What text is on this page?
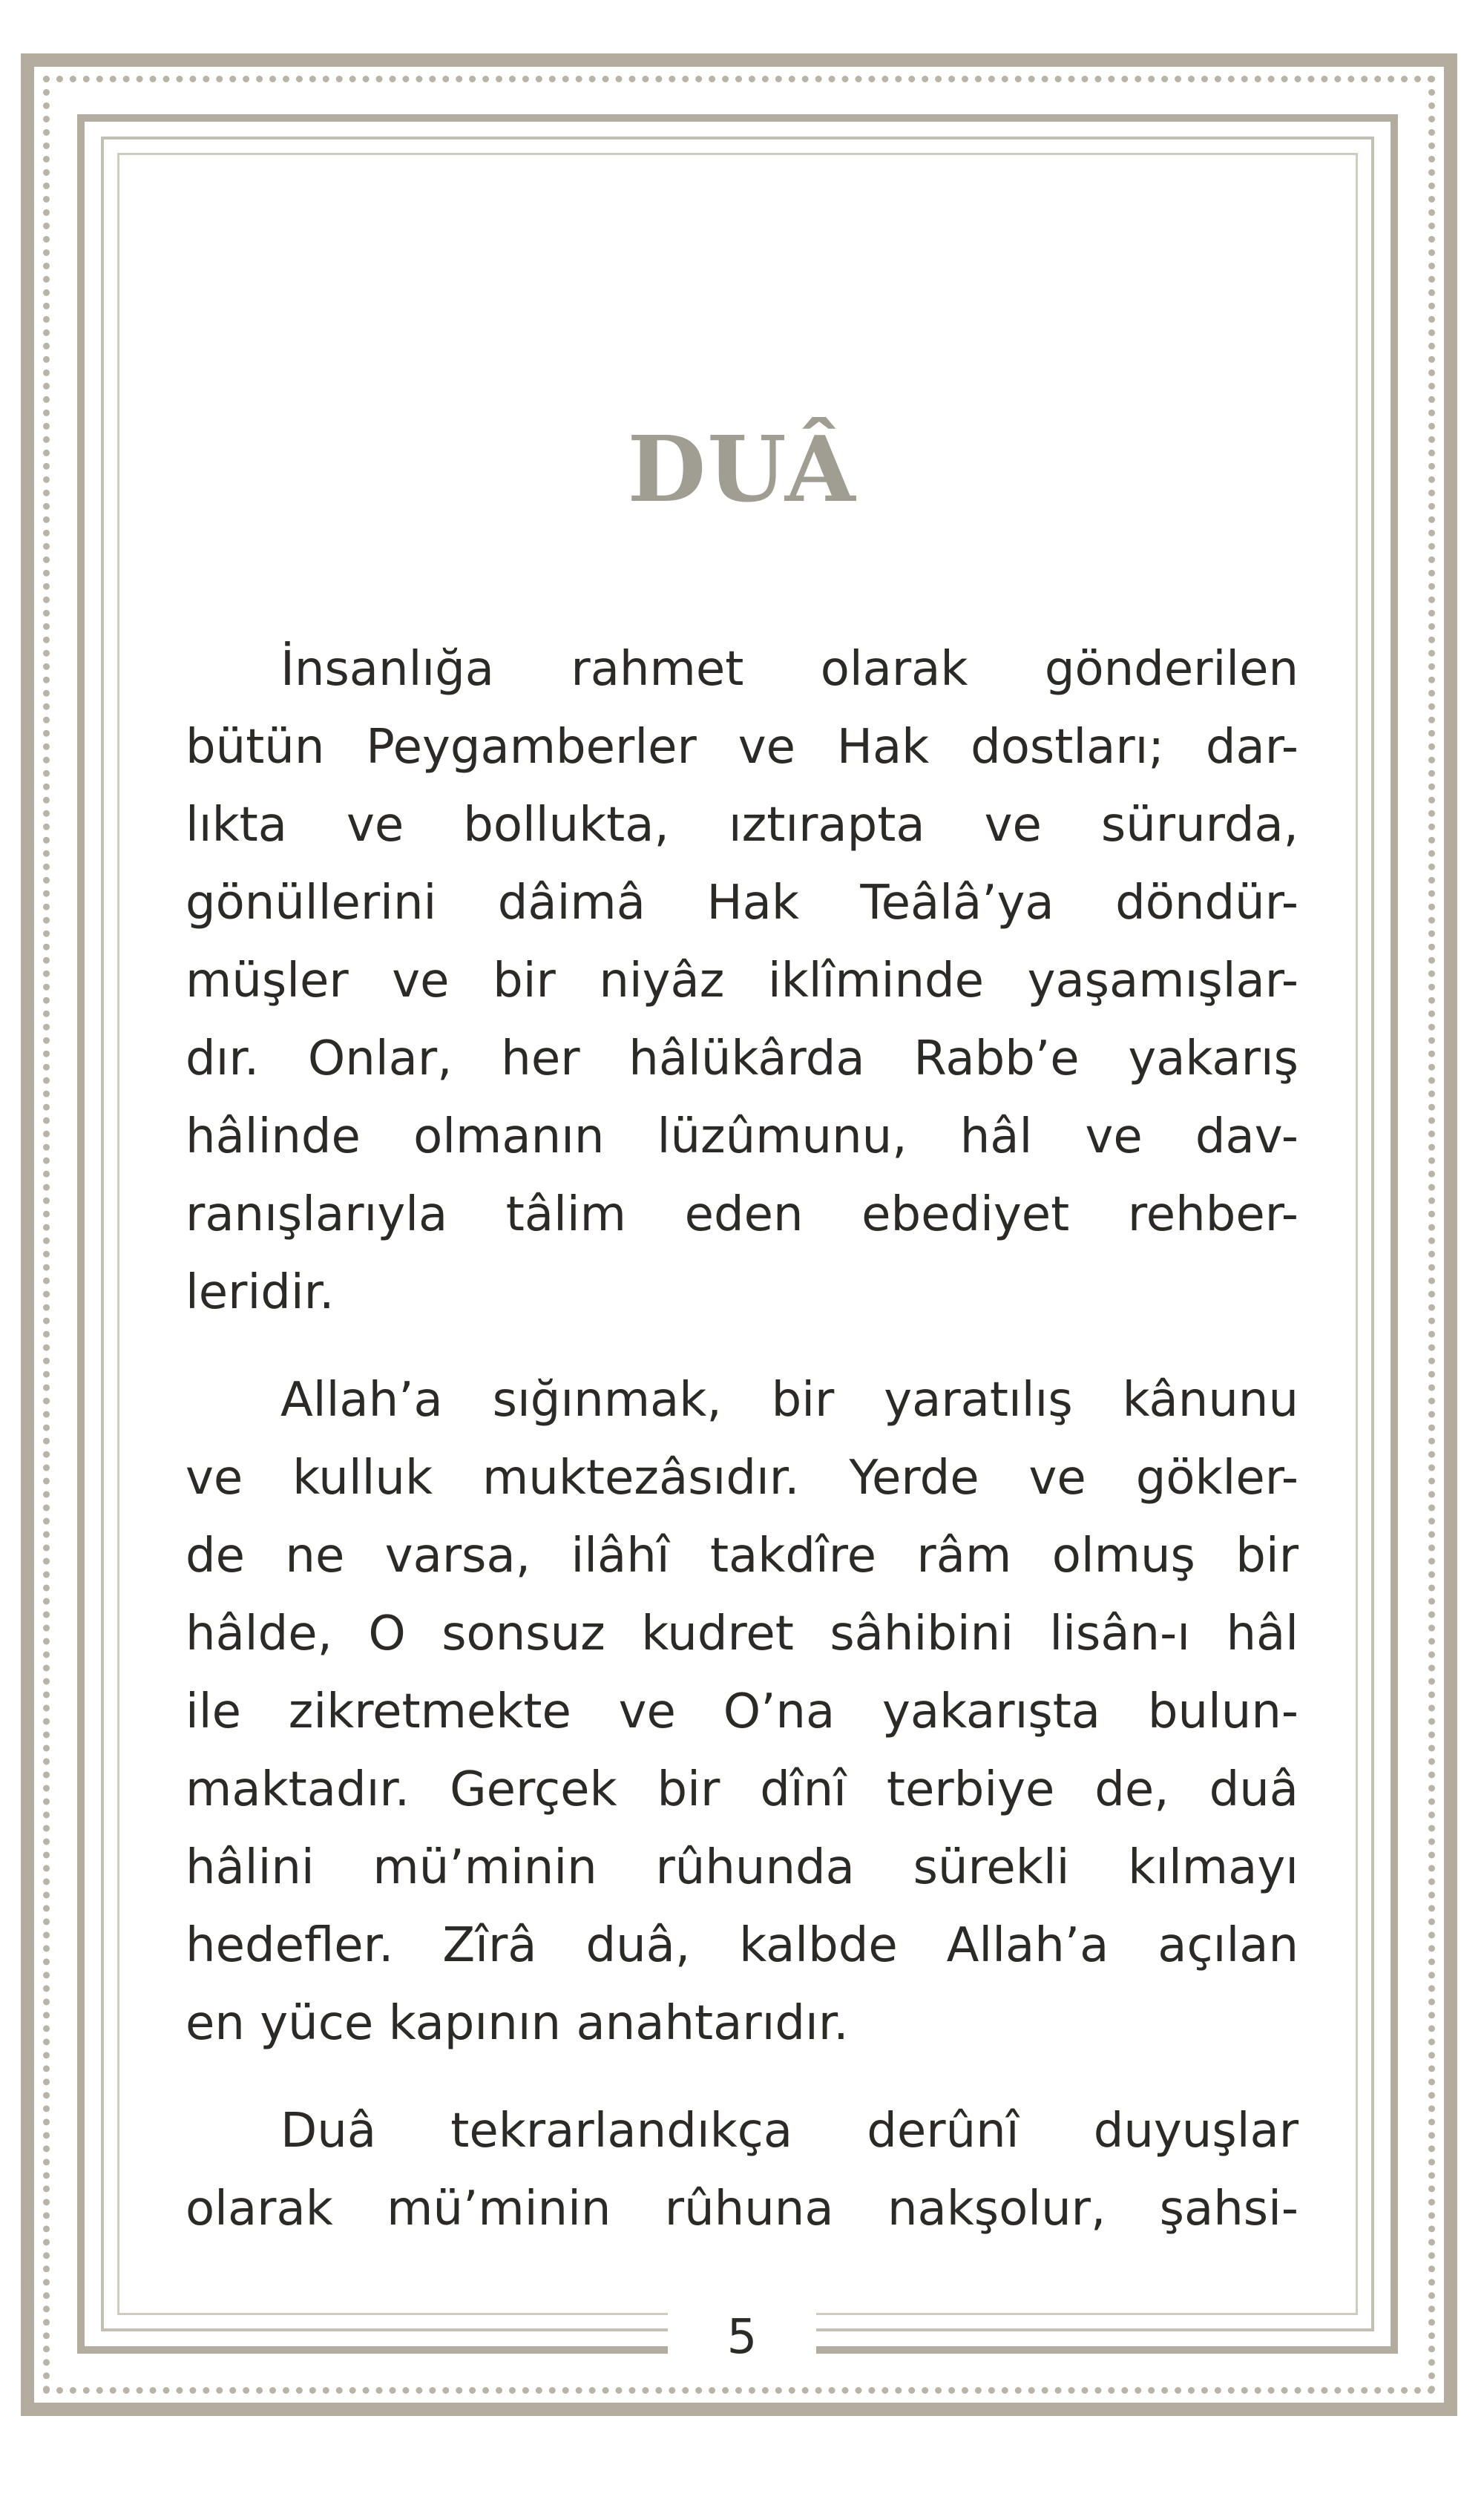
DUÂ
İnsanlığa rahmet olarak gönderilen
bütün Peygamberler ve Hak dostları; dar-
lıkta ve bollukta, ıztırapta ve sürurda,
gönüllerini dâimâ Hak Teâlâ’ya döndür-
müşler ve bir niyâz iklîminde yaşamışlar-
dır. Onlar, her hâlükârda Rabb’e yakarış
hâlinde olmanın lüzûmunu, hâl ve dav-
ranışlarıyla tâlim eden ebediyet rehber-
leridir.
Allah’a sığınmak, bir yaratılış kânunu
ve kulluk muktezâsıdır. Yerde ve gökler-
de ne varsa, ilâhî takdîre râm olmuş bir
hâlde, O sonsuz kudret sâhibini lisân-ı hâl
ile zikretmekte ve O’na yakarışta bulun-
maktadır. Gerçek bir dînî terbiye de, duâ
hâlini mü’minin rûhunda sürekli kılmayı
hedefler. Zîrâ duâ, kalbde Allah’a açılan
en yüce kapının anahtarıdır.
Duâ tekrarlandıkça derûnî duyuşlar
olarak mü’minin rûhuna nakşolur, şahsi-
5
